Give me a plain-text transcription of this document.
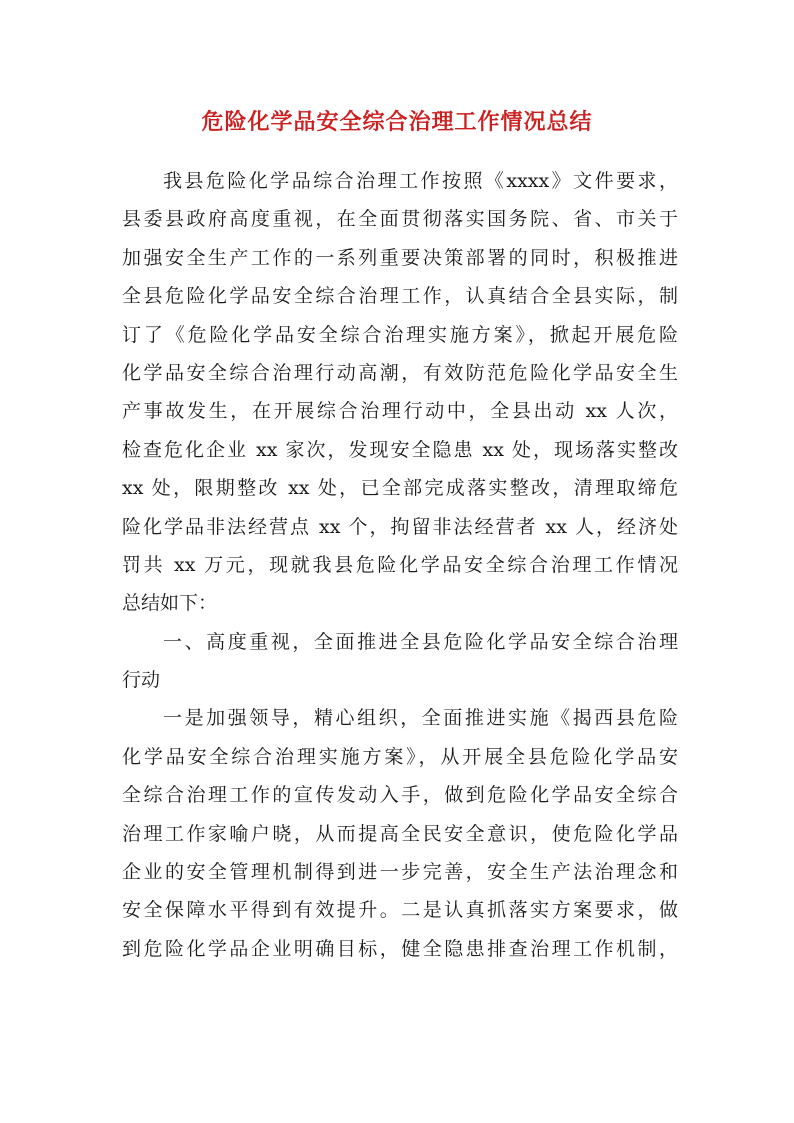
危险化学品安全综合治理工作情况总结
我县危险化学品综合治理工作按照《xxxx》文件要求，
县委县政府高度重视，在全面贯彻落实国务院、省、市关于
加强安全生产工作的一系列重要决策部署的同时，积极推进
全县危险化学品安全综合治理工作，认真结合全县实际，制
订了《危险化学品安全综合治理实施方案》，掀起开展危险
化学品安全综合治理行动高潮，有效防范危险化学品安全生
产事故发生，在开展综合治理行动中，全县出动 xx 人次，
检查危化企业 xx 家次，发现安全隐患 xx 处，现场落实整改
xx 处，限期整改 xx 处，已全部完成落实整改，清理取缔危
险化学品非法经营点 xx 个，拘留非法经营者 xx 人，经济处
罚共 xx 万元，现就我县危险化学品安全综合治理工作情况
总结如下：
一、高度重视，全面推进全县危险化学品安全综合治理
行动
一是加强领导，精心组织，全面推进实施《揭西县危险
化学品安全综合治理实施方案》，从开展全县危险化学品安
全综合治理工作的宣传发动入手，做到危险化学品安全综合
治理工作家喻户晓，从而提高全民安全意识，使危险化学品
企业的安全管理机制得到进一步完善，安全生产法治理念和
安全保障水平得到有效提升。二是认真抓落实方案要求，做
到危险化学品企业明确目标，健全隐患排查治理工作机制，
